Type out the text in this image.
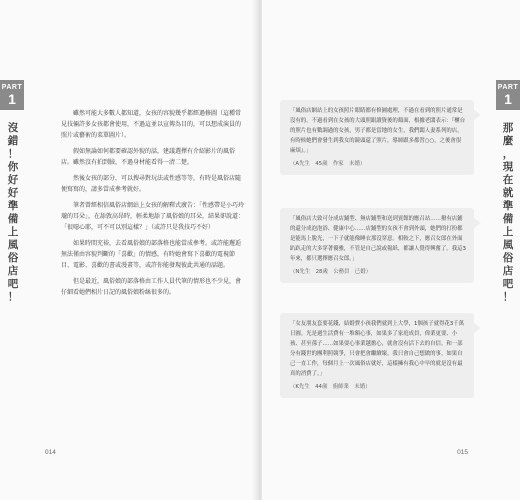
PART
1
沒
錯
！
你
好
好
準
備
上
風
俗
店
吧
！

雖然可能大多數人都知道，女孩的容貌幾乎都經過修圖（這種常見技倆許多女孩都會使用，不過這並以宣傳為目的，可以想成演員的照片或藝術的菜單圖片）。

假如無論如何都要確認外貌的話，建議選擇有介紹影片的風俗店。雖然沒有拍到臉，不過身材能看得一清二楚。

然後女孩的部分，可以搜尋對玩法或性感等等，有時是風俗店隨便寫寫的，請多當成參考就好。

筆者曾經相信風俗店網站上女孩的解釋式廣告：「性感帶是小巧玲瓏的耳朵」，在舔敦高昂時，輕柔地舔了風俗娘的耳朵，結果卻說道：「很噁心耶，可不可以別這樣？」（或許只是我技巧不好）

如果時間充裕，去看風俗娘的部落格也能當成參考。或許能邂逅無法僅由容貌判斷的「喜歡」的情感，有時她會寫下喜歡的電視節目、電影、喜歡的書或漫畫等，或許你能發現彼此共通的話題。

但是最近，風俗娘的部落格由工作人員代筆的情形也不少見，會仔細看她們相片日記的風俗娘粉絲很多的。

014
PART
1
那
麼
，
現
在
就
準
備
上
風
俗
店
吧
！
015

「風俗店網站上的女孩照片眼睛都有修圖處理，不過在看到的照片通常是沒有的。不過看到在女孩的大頭照跟讀資後的顏面，根據老闆表示：『櫃台的照片也有數調過的女孩，男子都是當地的女生，我們闆人妻系列的店，有時候她們會發生到我女的鏡頭還了照片，導師跟多都習○○，之後會很麻煩』。」

（A先生　45歲　作家　未婚）

「風俗店大致可分成店鋪型、無店鋪型和送到賓館的應召站……撥有店鋪的還分成泡泡浴、健康中心……店鋪型的女孩不會到外頭，她們的打扮都是能馬上脫光，一下子就能像睡衣那沒穿意。相較之下，應召女郎在外面趴趴走的大多穿著優雅，不管是自己說或報紙，都讓人覺得興奮了。我這3年來，都只選擇應召女郎。」

（N先生　28歲　公務員　已婚）

「女友朋友套要花錢，結婚費小孩我們就到上大學，1個孩子就得花3千萬日圓。光是週生活費有一堆額心事，如果多了家庭成員，偉業更要、小孩、甚至孫子……如果要心事業越擔心，就會沒有活下去的自信。和一部分有錢世的團利照競爭，只會把會繼續壞。我只會自己想做的事。如果自己一直工作，每個月上一次風俗店就好，這樣擁有我心中早的就是沒有最真的消費了。」

（K先生　44歲　廚師業　未婚）
